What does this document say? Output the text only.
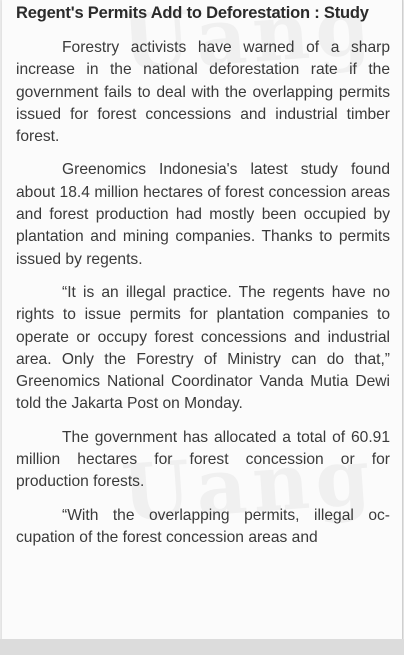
Regent's Permits Add to Deforestation : Study

Forestry activists have warned of a sharp increase in the national deforestation rate if the government fails to deal with the overlapping permits issued for forest concessions and industrial timber forest.

Greenomics Indonesia's latest study found about 18.4 million hectares of forest concession areas and forest production had mostly been occupied by plantation and mining companies. Thanks to permits issued by regents.

“It is an illegal practice. The regents have no rights to issue permits for plantation companies to operate or occupy forest concessions and industrial area. Only the Forestry of Ministry can do that,” Greenomics National Coordinator Vanda Mutia Dewi told the Jakarta Post on Monday.

The government has allocated a total of 60.91 million hectares for forest concession or for production forests.

“With the overlapping permits, illegal occupation of the forest concession areas and
